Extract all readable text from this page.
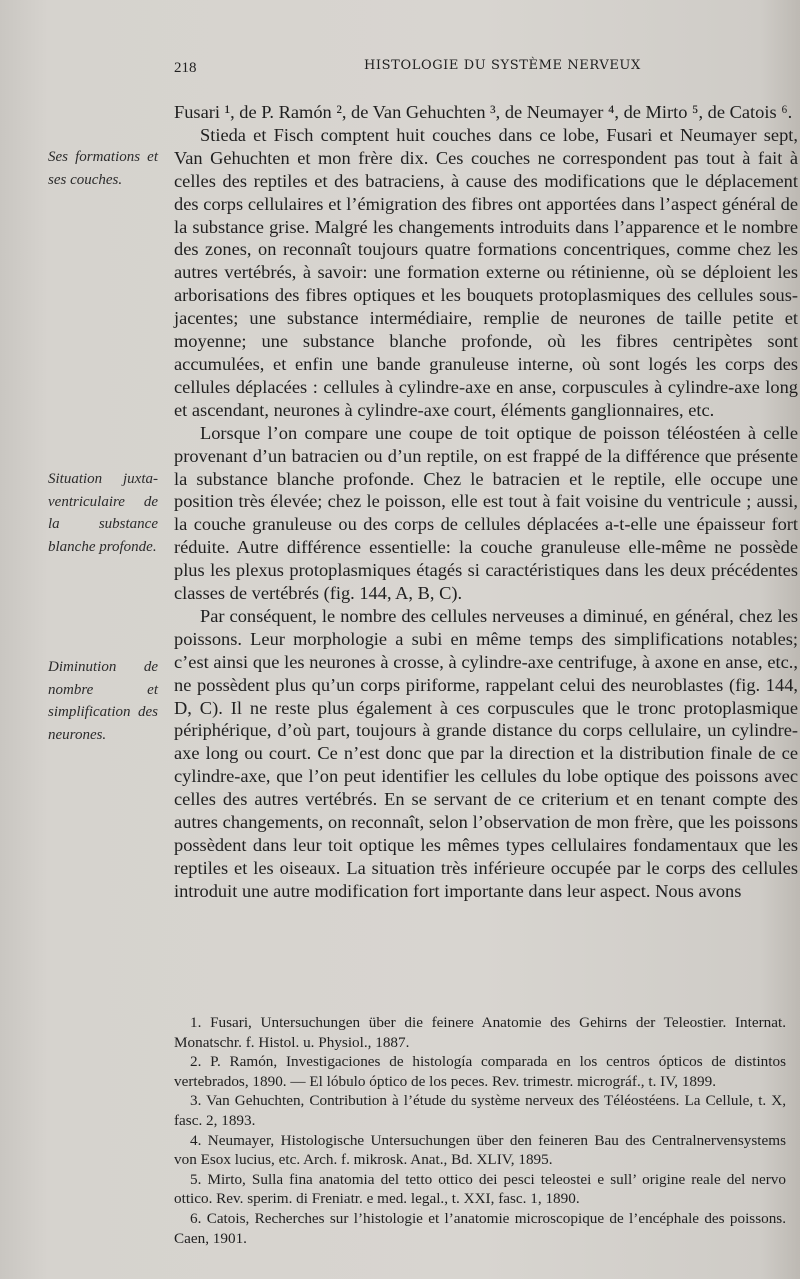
218	HISTOLOGIE DU SYSTÈME NERVEUX
Ses formations et ses couches.
Situation juxta-ventriculaire de la substance blanche profonde.
Diminution de nombre et simplification des neurones.

Fusari ¹, de P. Ramón ², de Van Gehuchten ³, de Neumayer ⁴, de Mirto ⁵, de Catois ⁶.

Stieda et Fisch comptent huit couches dans ce lobe, Fusari et Neumayer sept, Van Gehuchten et mon frère dix. Ces couches ne correspondent pas tout à fait à celles des reptiles et des batraciens, à cause des modifications que le déplacement des corps cellulaires et l’émigration des fibres ont apportées dans l’aspect général de la substance grise. Malgré les changements introduits dans l’apparence et le nombre des zones, on reconnaît toujours quatre formations concentriques, comme chez les autres vertébrés, à savoir: une formation externe ou rétinienne, où se déploient les arborisations des fibres optiques et les bouquets protoplasmiques des cellules sous-jacentes; une substance intermédiaire, remplie de neurones de taille petite et moyenne; une substance blanche profonde, où les fibres centripètes sont accumulées, et enfin une bande granuleuse interne, où sont logés les corps des cellules déplacées : cellules à cylindre-axe en anse, corpuscules à cylindre-axe long et ascendant, neurones à cylindre-axe court, éléments ganglionnaires, etc.

Lorsque l’on compare une coupe de toit optique de poisson téléostéen à celle provenant d’un batracien ou d’un reptile, on est frappé de la différence que présente la substance blanche profonde. Chez le batracien et le reptile, elle occupe une position très élevée; chez le poisson, elle est tout à fait voisine du ventricule ; aussi, la couche granuleuse ou des corps de cellules déplacées a-t-elle une épaisseur fort réduite. Autre différence essentielle: la couche granuleuse elle-même ne possède plus les plexus protoplasmiques étagés si caractéristiques dans les deux précédentes classes de vertébrés (fig. 144, A, B, C).

Par conséquent, le nombre des cellules nerveuses a diminué, en général, chez les poissons. Leur morphologie a subi en même temps des simplifications notables; c’est ainsi que les neurones à crosse, à cylindre-axe centrifuge, à axone en anse, etc., ne possèdent plus qu’un corps piriforme, rappelant celui des neuroblastes (fig. 144, D, C). Il ne reste plus également à ces corpuscules que le tronc protoplasmique périphérique, d’où part, toujours à grande distance du corps cellulaire, un cylindre-axe long ou court. Ce n’est donc que par la direction et la distribution finale de ce cylindre-axe, que l’on peut identifier les cellules du lobe optique des poissons avec celles des autres vertébrés. En se servant de ce criterium et en tenant compte des autres changements, on reconnaît, selon l’observation de mon frère, que les poissons possèdent dans leur toit optique les mêmes types cellulaires fondamentaux que les reptiles et les oiseaux. La situation très inférieure occupée par le corps des cellules introduit une autre modification fort importante dans leur aspect. Nous avons

1. Fusari, Untersuchungen über die feinere Anatomie des Gehirns der Teleostier. Internat. Monatschr. f. Histol. u. Physiol., 1887.

2. P. Ramón, Investigaciones de histología comparada en los centros ópticos de distintos vertebrados, 1890. — El lóbulo óptico de los peces. Rev. trimestr. micrográf., t. IV, 1899.

3. Van Gehuchten, Contribution à l’étude du système nerveux des Téléostéens. La Cellule, t. X, fasc. 2, 1893.

4. Neumayer, Histologische Untersuchungen über den feineren Bau des Centralnervensystems von Esox lucius, etc. Arch. f. mikrosk. Anat., Bd. XLIV, 1895.

5. Mirto, Sulla fina anatomia del tetto ottico dei pesci teleostei e sull’ origine reale del nervo ottico. Rev. sperim. di Freniatr. e med. legal., t. XXI, fasc. 1, 1890.

6. Catois, Recherches sur l’histologie et l’anatomie microscopique de l’encéphale des poissons. Caen, 1901.
